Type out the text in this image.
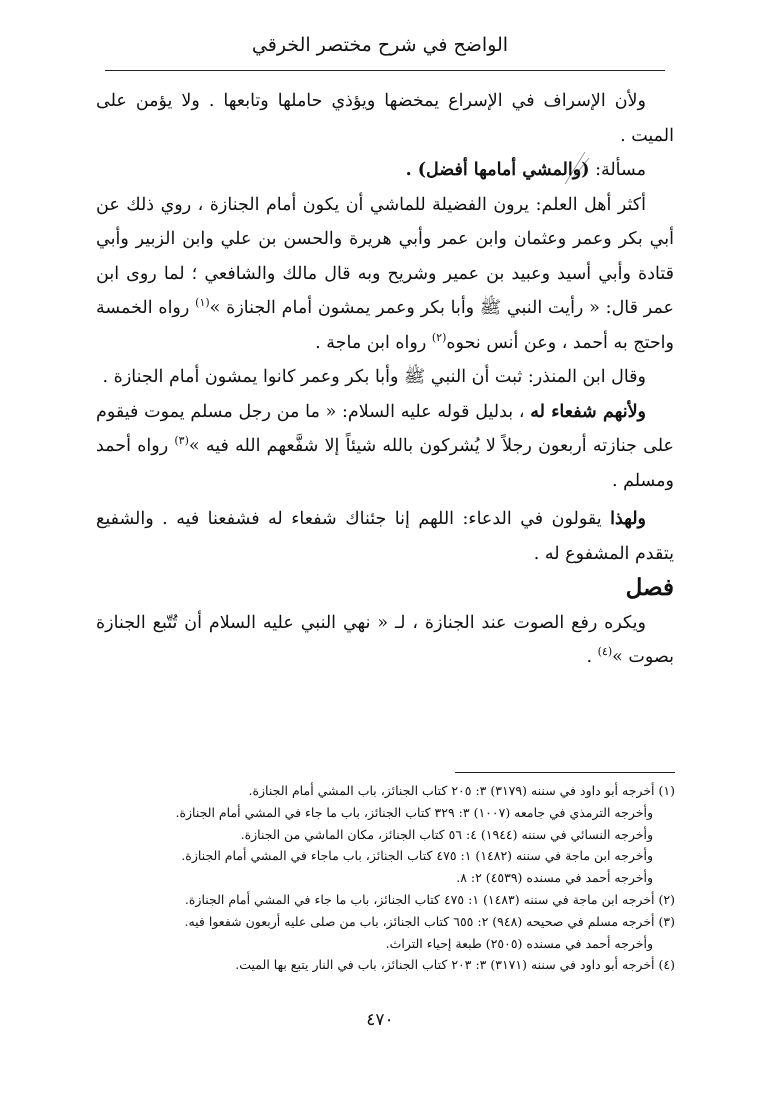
الواضح في شرح مختصر الخرقي

ولأن الإسراف في الإسراع يمخضها ويؤذي حاملها وتابعها . ولا يؤمن على الميت .

مسألة: (والمشي أمامها أفضل) .

أكثر أهل العلم: يرون الفضيلة للماشي أن يكون أمام الجنازة ، روي ذلك عن أبي بكر وعمر وعثمان وابن عمر وأبي هريرة والحسن بن علي وابن الزبير وأبي قتادة وأبي أسيد وعبيد بن عمير وشريح وبه قال مالك والشافعي ؛ لما روى ابن عمر قال: « رأيت النبي ﷺ وأبا بكر وعمر يمشون أمام الجنازة »$^{(١)}$ رواه الخمسة واحتج به أحمد ، وعن أنس نحوه$^{(٢)}$ رواه ابن ماجة .

وقال ابن المنذر: ثبت أن النبي ﷺ وأبا بكر وعمر كانوا يمشون أمام الجنازة .

ولأنهم شفعاء له ، بدليل قوله عليه السلام: « ما من رجل مسلم يموت فيقوم على جنازته أربعون رجلاً لا يُشركون بالله شيئاً إلا شفَّعهم الله فيه »$^{(٣)}$ رواه أحمد ومسلم .

ولهذا يقولون في الدعاء: اللهم إنا جئناك شفعاء له فشفعنا فيه . والشفيع يتقدم المشفوع له .

فصل

ويكره رفع الصوت عند الجنازة ، لـ « نهي النبي عليه السلام أن تُتّبع الجنازة بصوت »$^{(٤)}$ .

(١) أخرجه أبو داود في سننه (٣١٧٩) ٣: ٢٠٥ كتاب الجنائز، باب المشي أمام الجنازة.
وأخرجه الترمذي في جامعه (١٠٠٧) ٣: ٣٢٩ كتاب الجنائز، باب ما جاء في المشي أمام الجنازة.
وأخرجه النسائي في سننه (١٩٤٤) ٤: ٥٦ كتاب الجنائز، مكان الماشي من الجنازة.
وأخرجه ابن ماجة في سننه (١٤٨٢) ١: ٤٧٥ كتاب الجنائز، باب ماجاء في المشي أمام الجنازة.
وأخرجه أحمد في مسنده (٤٥٣٩) ٢: ٨.
(٢) أخرجه ابن ماجة في سننه (١٤٨٣) ١: ٤٧٥ كتاب الجنائز، باب ما جاء في المشي أمام الجنازة.
(٣) أخرجه مسلم في صحيحه (٩٤٨) ٢: ٦٥٥ كتاب الجنائز، باب من صلى عليه أربعون شفعوا فيه.
وأخرجه أحمد في مسنده (٢٥٠٥) طبعة إحياء التراث.
(٤) أخرجه أبو داود في سننه (٣١٧١) ٣: ٢٠٣ كتاب الجنائز، باب في النار يتبع بها الميت.
٤٧٠
